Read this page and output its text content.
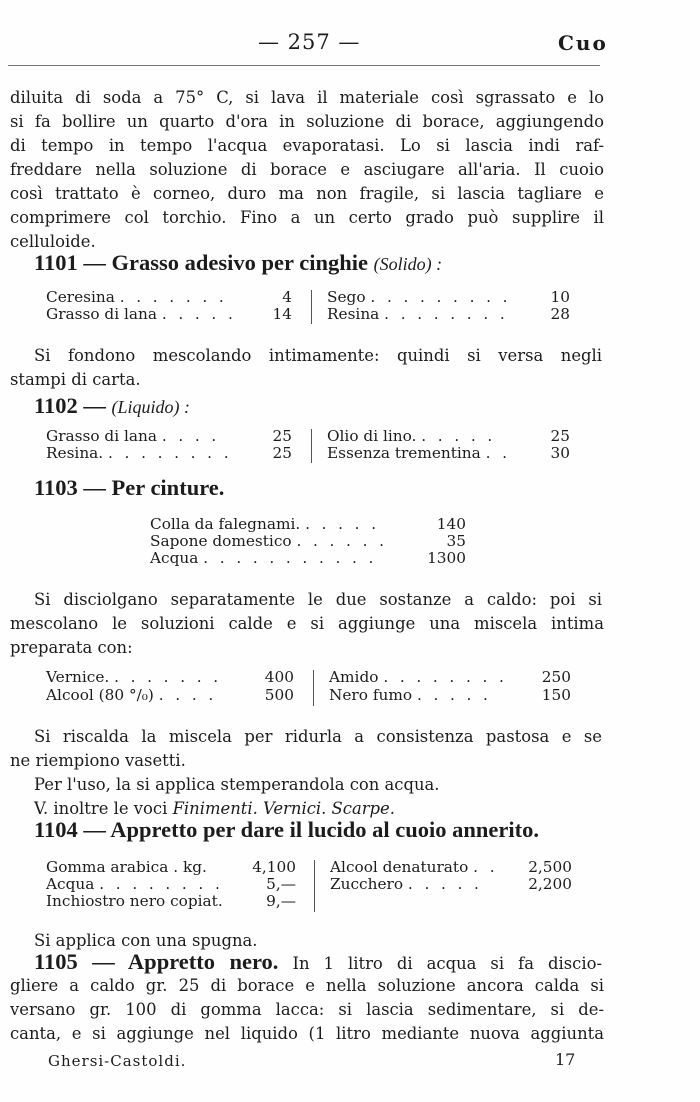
— 257 —	Cuo
diluita di soda a 75° C, si lava il materiale così sgrassato e lo
si fa bollire un quarto d'ora in soluzione di borace, aggiungendo
di tempo in tempo l'acqua evaporatasi. Lo si lascia indi raf-
freddare nella soluzione di borace e asciugare all'aria. Il cuoio
così trattato è corneo, duro ma non fragile, si lascia tagliare e
comprimere col torchio. Fino a un certo grado può supplire il
celluloide.
1101 — Grasso adesivo per cinghie (Solido) :
Ceresina . . . . . . .	4
Grasso di lana . . . . .	14
Sego . . . . . . . . .	10
Resina . . . . . . . .	28
Si fondono mescolando intimamente: quindi si versa negli
stampi di carta.
1102 — (Liquido) :
Grasso di lana . . . .	25
Resina. . . . . . . . .	25
Olio di lino. . . . . .	25
Essenza trementina . .	30
1103 — Per cinture.
Colla da falegnami. . . . . .	140
Sapone domestico . . . . . .	35
Acqua . . . . . . . . . . .	1300
Si disciolgano separatamente le due sostanze a caldo: poi si
mescolano le soluzioni calde e si aggiunge una miscela intima
preparata con:
Vernice. . . . . . . .	400
Alcool (80 °/₀) . . . .	500
Amido . . . . . . . .	250
Nero fumo . . . . .	150
Si riscalda la miscela per ridurla a consistenza pastosa e se
ne riempiono vasetti.
Per l'uso, la si applica stemperandola con acqua.
V. inoltre le voci Finimenti. Vernici. Scarpe.
1104 — Appretto per dare il lucido al cuoio annerito.
Gomma arabica . kg.	4,100
Acqua . . . . . . . .	5,—
Inchiostro nero copiat.	9,—
Alcool denaturato . .	2,500
Zucchero . . . . .	2,200
Si applica con una spugna.
1105 — Appretto nero. In 1 litro di acqua si fa disciо-
gliere a caldo gr. 25 di borace e nella soluzione ancora calda si
versano gr. 100 di gomma lacca: si lascia sedimentare, si de-
canta, e si aggiunge nel liquido (1 litro mediante nuova aggiunta
Ghersi-Castoldi.	17
